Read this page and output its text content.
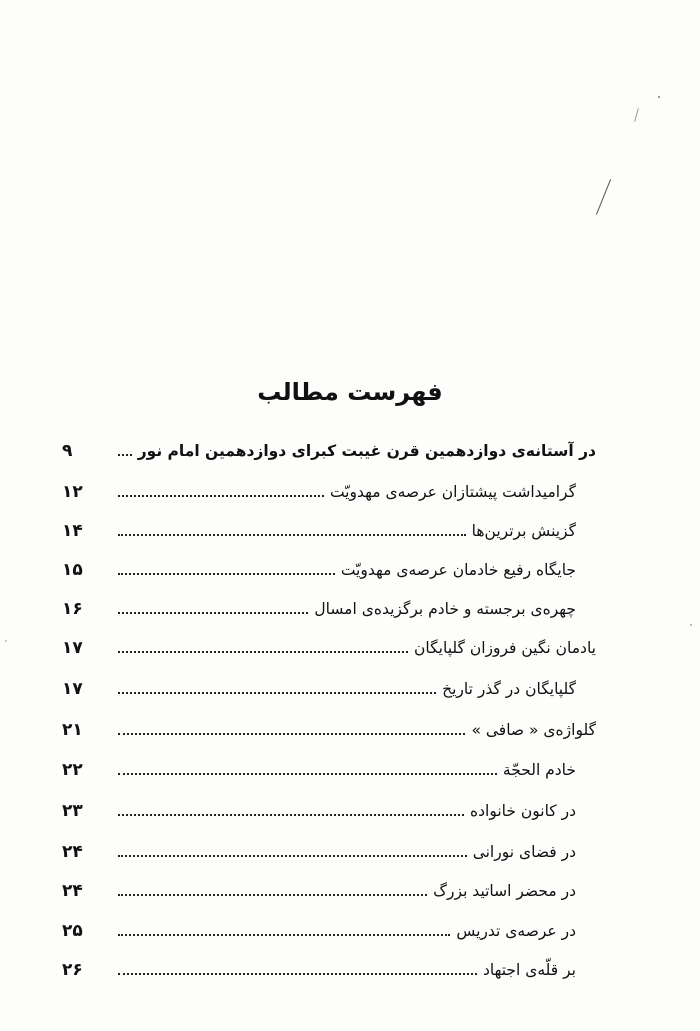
فهرست مطالب
در آستانه‌ی دوازدهمین قرن غیبت کبرای دوازدهمین امام نور
۹
گرامیداشت پیشتازان عرصه‌ی مهدویّت
۱۲
گزینش برترین‌ها
۱۴
جایگاه رفیع خادمان عرصه‌ی مهدویّت
۱۵
چهره‌ی برجسته و خادم برگزیده‌ی امسال
۱۶
یادمان نگین فروزان گلپایگان
۱۷
گلپایگان در گذر تاریخ
۱۷
گلواژه‌ی « صافی »
۲۱
خادم الحجّة
۲۲
در کانون خانواده
۲۳
در فضای نورانی
۲۴
در محضر اساتید بزرگ
۲۴
در عرصه‌ی تدریس
۲۵
بر قلّه‌ی اجتهاد
۲۶
